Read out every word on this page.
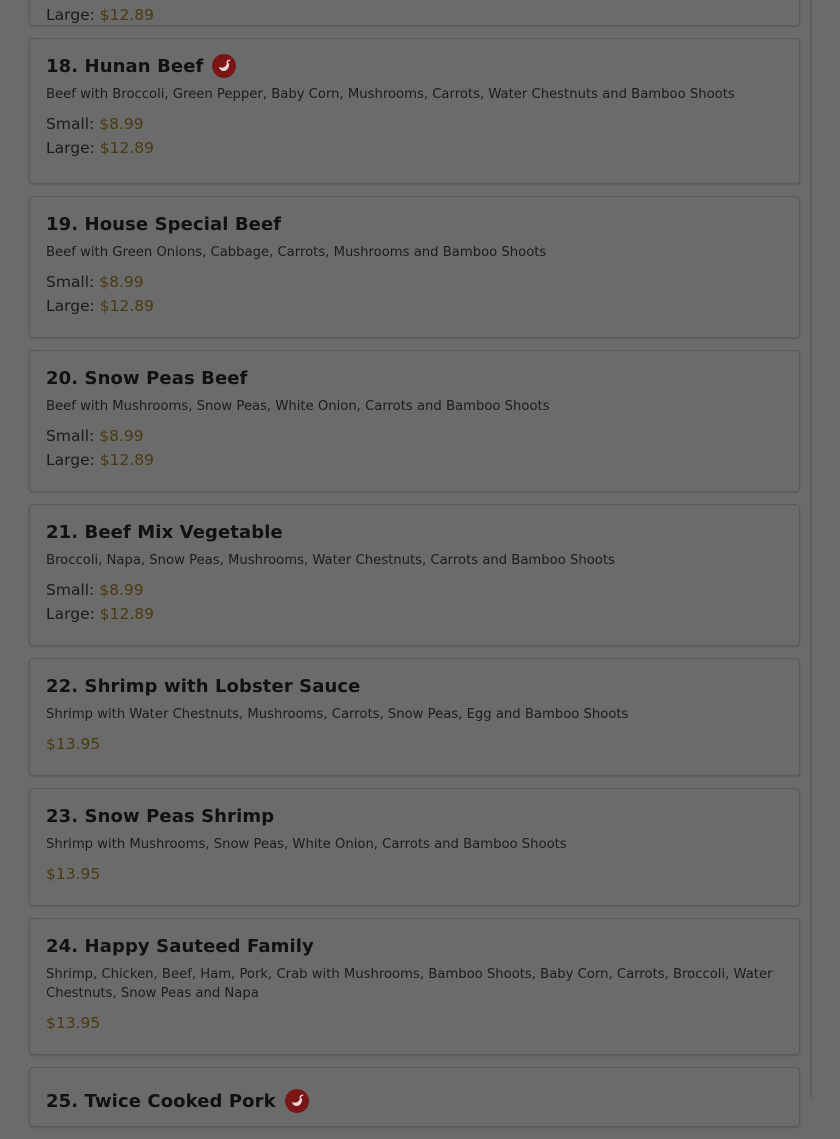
Large: $12.89
18. Hunan Beef
Beef with Broccoli, Green Pepper, Baby Corn, Mushrooms, Carrots, Water Chestnuts and Bamboo Shoots
Small: $8.99
Large: $12.89
19. House Special Beef
Beef with Green Onions, Cabbage, Carrots, Mushrooms and Bamboo Shoots
Small: $8.99
Large: $12.89
20. Snow Peas Beef
Beef with Mushrooms, Snow Peas, White Onion, Carrots and Bamboo Shoots
Small: $8.99
Large: $12.89
21. Beef Mix Vegetable
Broccoli, Napa, Snow Peas, Mushrooms, Water Chestnuts, Carrots and Bamboo Shoots
Small: $8.99
Large: $12.89
22. Shrimp with Lobster Sauce
Shrimp with Water Chestnuts, Mushrooms, Carrots, Snow Peas, Egg and Bamboo Shoots
$13.95
23. Snow Peas Shrimp
Shrimp with Mushrooms, Snow Peas, White Onion, Carrots and Bamboo Shoots
$13.95
24. Happy Sauteed Family
Shrimp, Chicken, Beef, Ham, Pork, Crab with Mushrooms, Bamboo Shoots, Baby Corn, Carrots, Broccoli, Water Chestnuts, Snow Peas and Napa
$13.95
25. Twice Cooked Pork
